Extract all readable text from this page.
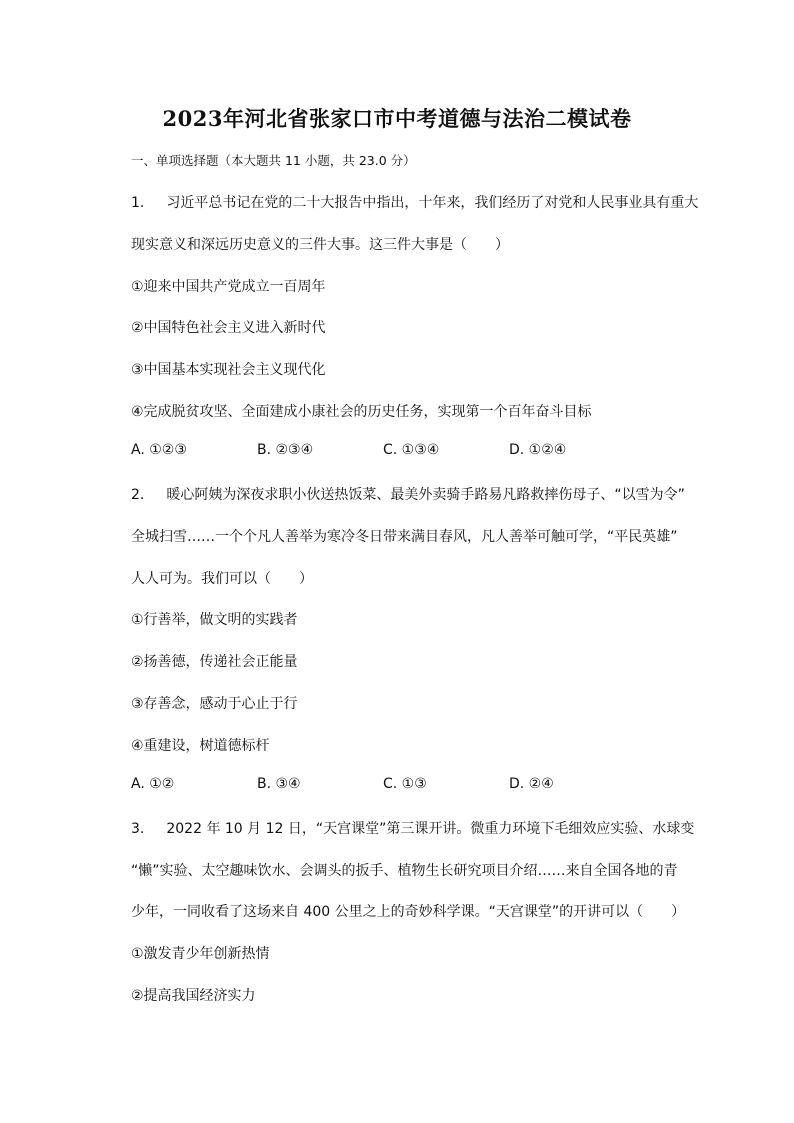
2023年河北省张家口市中考道德与法治二模试卷
一、单项选择题（本大题共 11 小题，共 23.0 分）
1. 习近平总书记在党的二十大报告中指出，十年来，我们经历了对党和人民事业具有重大
现实意义和深远历史意义的三件大事。这三件大事是（　　）
①迎来中国共产党成立一百周年
②中国特色社会主义进入新时代
③中国基本实现社会主义现代化
④完成脱贫攻坚、全面建成小康社会的历史任务，实现第一个百年奋斗目标
A. ①②③	B. ②③④	C. ①③④	D. ①②④
2. 暖心阿姨为深夜求职小伙送热饭菜、最美外卖骑手路易凡路救摔伤母子、“以雪为令”
全城扫雪……一个个凡人善举为寒冷冬日带来满目春风，凡人善举可触可学，“平民英雄”
人人可为。我们可以（　　）
①行善举，做文明的实践者
②扬善德，传递社会正能量
③存善念，感动于心止于行
④重建设，树道德标杆
A. ①②	B. ③④	C. ①③	D. ②④
3. 2022 年 10 月 12 日，“天宫课堂”第三课开讲。微重力环境下毛细效应实验、水球变
“懒”实验、太空趣味饮水、会调头的扳手、植物生长研究项目介绍……来自全国各地的青
少年，一同收看了这场来自 400 公里之上的奇妙科学课。“天宫课堂”的开讲可以（　　）
①激发青少年创新热情
②提高我国经济实力
